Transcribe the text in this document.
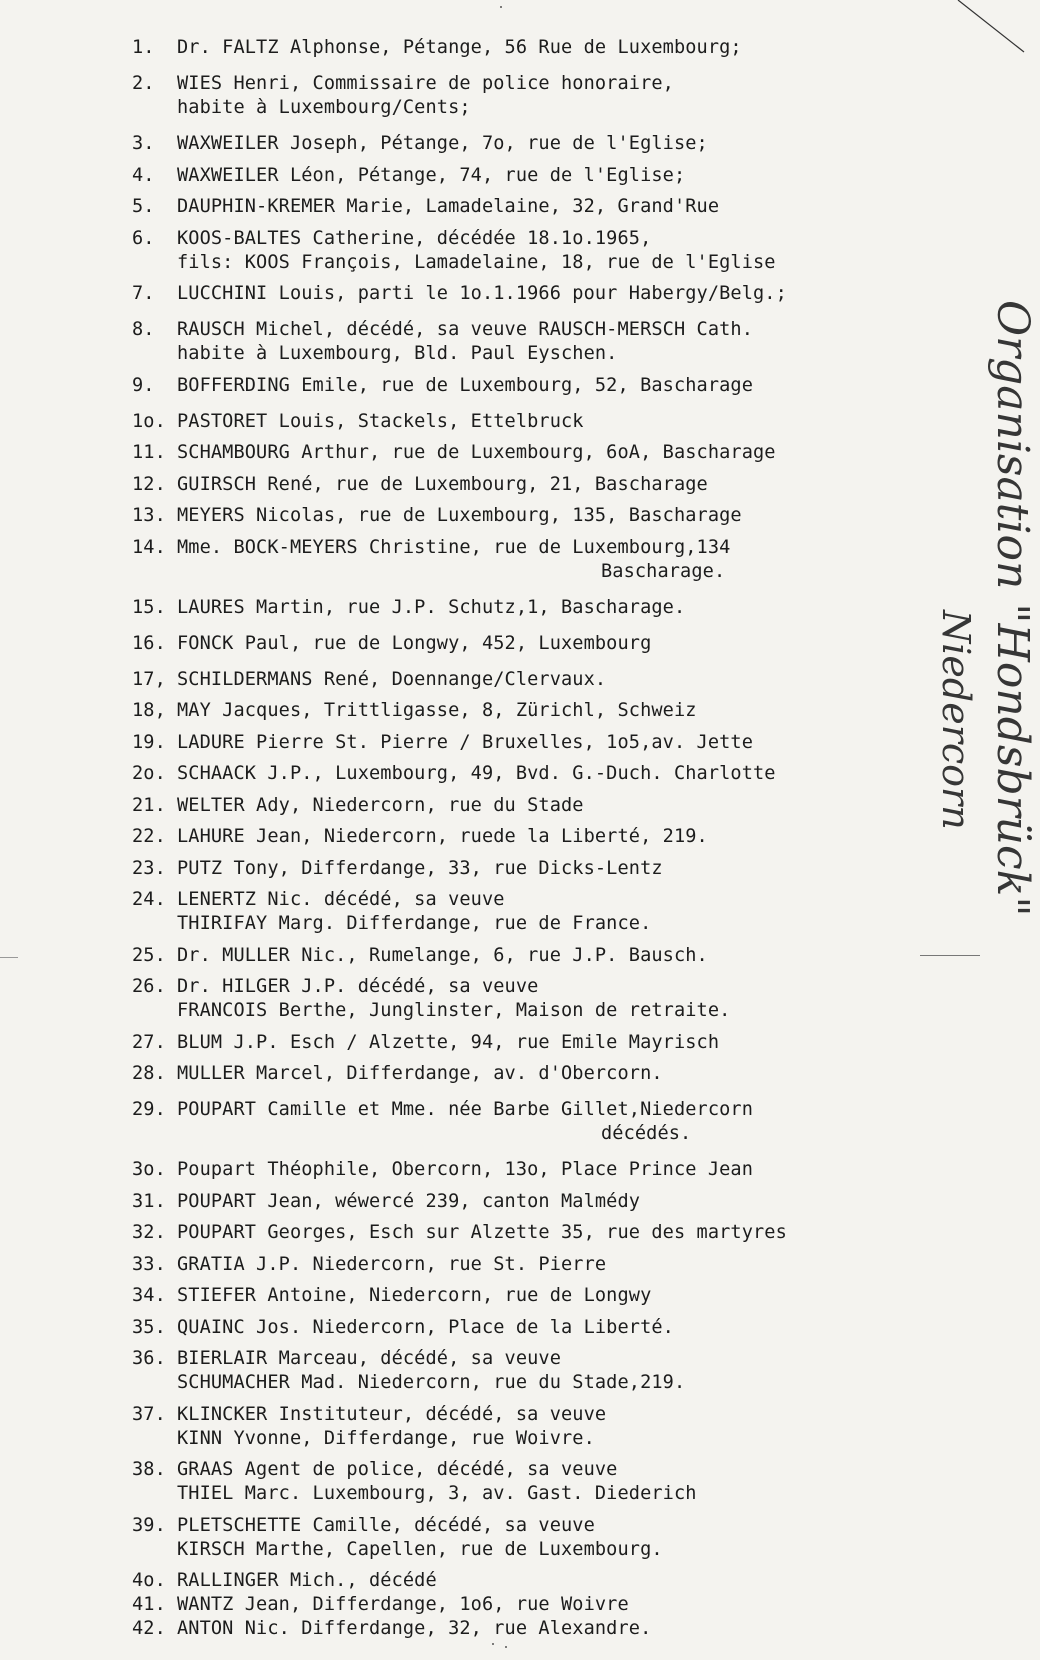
1.	Dr. FALTZ Alphonse, Pétange, 56 Rue de Luxembourg;
2.	WIES Henri, Commissaire de police honoraire,
habite à Luxembourg/Cents;
3.	WAXWEILER Joseph, Pétange, 7o, rue de l'Eglise;
4.	WAXWEILER Léon, Pétange, 74, rue de l'Eglise;
5.	DAUPHIN-KREMER Marie, Lamadelaine, 32, Grand'Rue
6.	KOOS-BALTES Catherine, décédée 18.1o.1965,
fils: KOOS François, Lamadelaine, 18, rue de l'Eglise
7.	LUCCHINI Louis, parti le 1o.1.1966 pour Habergy/Belg.;
8.	RAUSCH Michel, décédé, sa veuve RAUSCH-MERSCH Cath.
habite à Luxembourg, Bld. Paul Eyschen.
9.	BOFFERDING Emile, rue de Luxembourg, 52, Bascharage
1o. PASTORET Louis, Stackels, Ettelbruck
11. SCHAMBOURG Arthur, rue de Luxembourg, 6oA, Bascharage
12. GUIRSCH René, rue de Luxembourg, 21, Bascharage
13. MEYERS Nicolas, rue de Luxembourg, 135, Bascharage
14. Mme. BOCK-MEYERS Christine, rue de Luxembourg,134
Bascharage.
15. LAURES Martin, rue J.P. Schutz,1, Bascharage.
16. FONCK Paul, rue de Longwy, 452, Luxembourg
17, SCHILDERMANS René, Doennange/Clervaux.
18, MAY Jacques, Trittligasse, 8, Zürichl, Schweiz
19. LADURE Pierre St. Pierre / Bruxelles, 1o5,av. Jette
2o. SCHAACK J.P., Luxembourg, 49, Bvd. G.-Duch. Charlotte
21. WELTER Ady, Niedercorn, rue du Stade
22. LAHURE Jean, Niedercorn, ruede la Liberté, 219.
23. PUTZ Tony, Differdange, 33, rue Dicks-Lentz
24. LENERTZ Nic. décédé, sa veuve
THIRIFAY Marg. Differdange, rue de France.
25. Dr. MULLER Nic., Rumelange, 6, rue J.P. Bausch.
26. Dr. HILGER J.P. décédé, sa veuve
FRANCOIS Berthe, Junglinster, Maison de retraite.
27. BLUM J.P. Esch / Alzette, 94, rue Emile Mayrisch
28. MULLER Marcel, Differdange, av. d'Obercorn.
29. POUPART Camille et Mme. née Barbe Gillet,Niedercorn
décédés.
3o. Poupart Théophile, Obercorn, 13o, Place Prince Jean
31. POUPART Jean, wéwercé 239, canton Malmédy
32. POUPART Georges, Esch sur Alzette 35, rue des martyres
33. GRATIA J.P. Niedercorn, rue St. Pierre
34. STIEFER Antoine, Niedercorn, rue de Longwy
35. QUAINC Jos. Niedercorn, Place de la Liberté.
36. BIERLAIR Marceau, décédé, sa veuve
SCHUMACHER Mad. Niedercorn, rue du Stade,219.
37. KLINCKER Instituteur, décédé, sa veuve
KINN Yvonne, Differdange, rue Woivre.
38. GRAAS Agent de police, décédé, sa veuve
THIEL Marc. Luxembourg, 3, av. Gast. Diederich
39. PLETSCHETTE Camille, décédé, sa veuve
KIRSCH Marthe, Capellen, rue de Luxembourg.
4o. RALLINGER Mich., décédé
41. WANTZ Jean, Differdange, 1o6, rue Woivre
42. ANTON Nic. Differdange, 32, rue Alexandre.
Organisation "Hondsbrück"
Niedercorn
